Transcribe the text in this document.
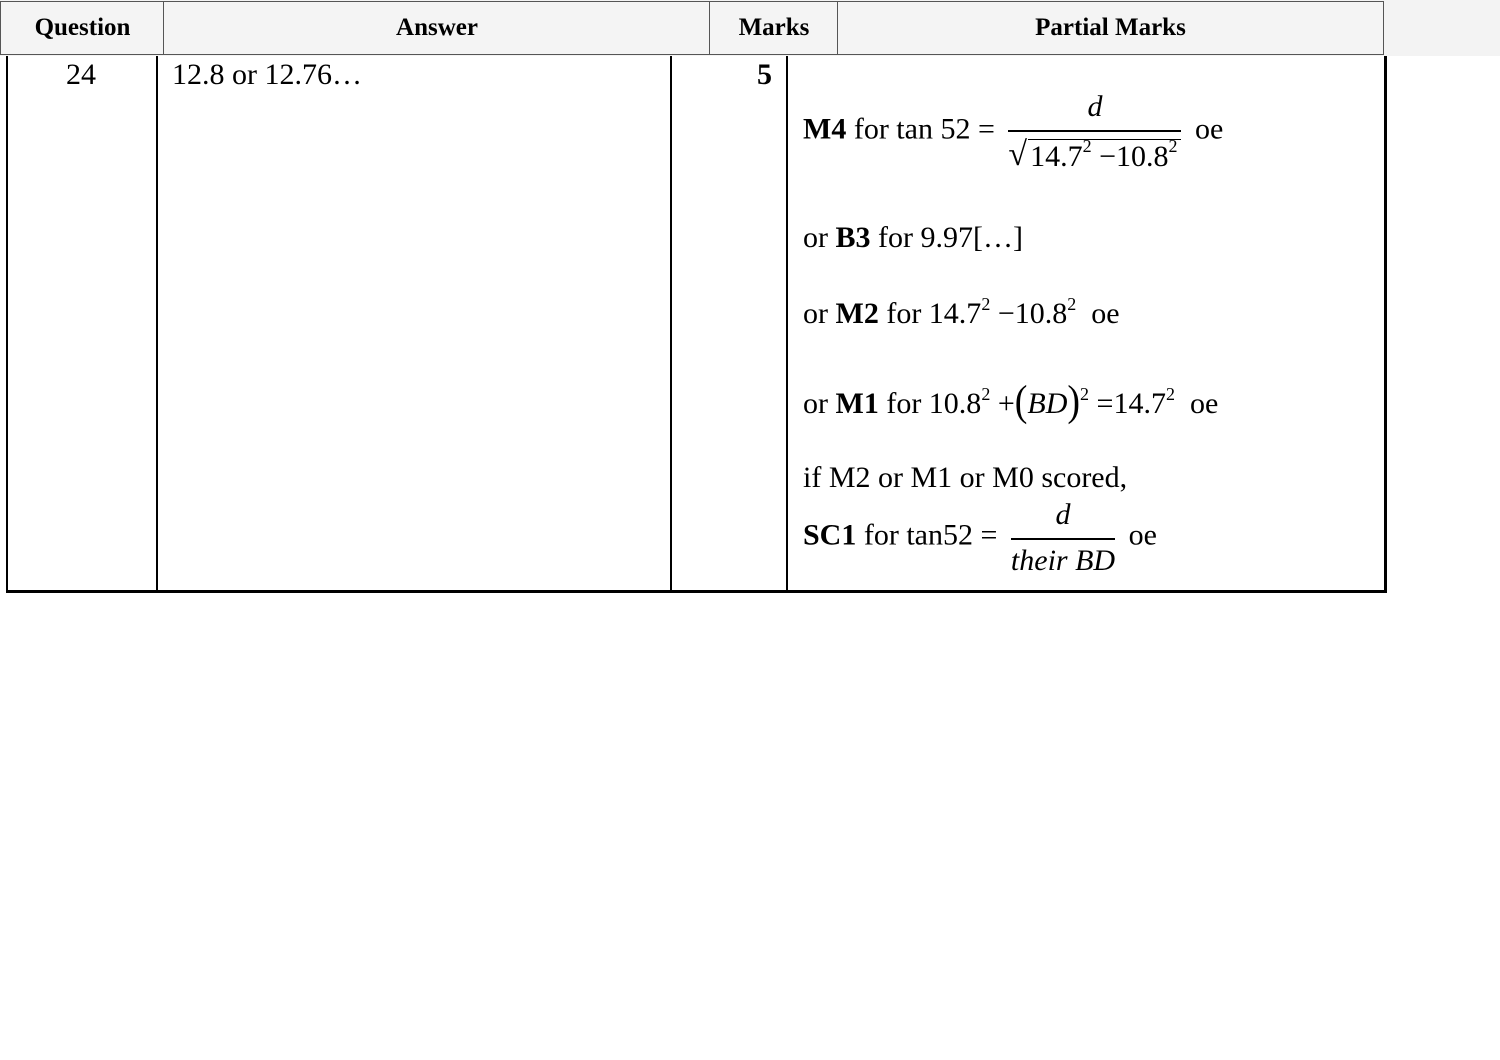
Question	Answer	Marks	Partial Marks
24	12.8 or 12.76…	5
M4 for $\tan 52 = \frac{d}{√ 14.7^2 -10.8^2}$ oe
or B3 for 9.97[…]
or M2 for $14.7^2 -10.8^2$ oe
or M1 for $10.8^2 +(BD)^2 =14.7^2$ oe
if M2 or M1 or M0 scored,
SC1 for $\tan 52 = \frac{d}{\text{their BD}}$ oe
